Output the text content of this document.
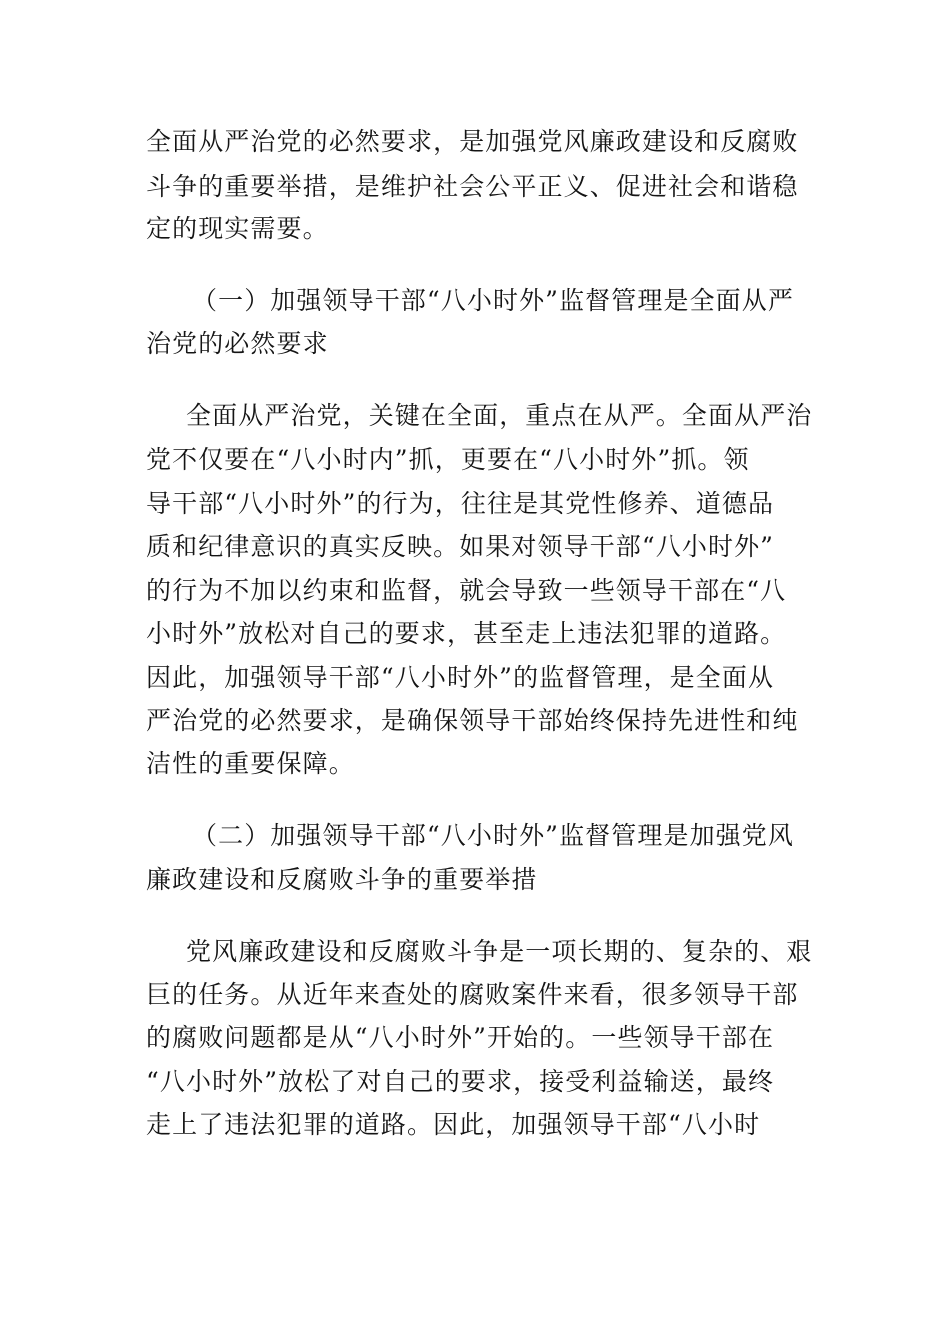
全面从严治党的必然要求，是加强党风廉政建设和反腐败
斗争的重要举措，是维护社会公平正义、促进社会和谐稳
定的现实需要。
（一）加强领导干部“八小时外”监督管理是全面从严
治党的必然要求
全面从严治党，关键在全面，重点在从严。全面从严治
党不仅要在“八小时内”抓，更要在“八小时外”抓。领
导干部“八小时外”的行为，往往是其党性修养、道德品
质和纪律意识的真实反映。如果对领导干部“八小时外”
的行为不加以约束和监督，就会导致一些领导干部在“八
小时外”放松对自己的要求，甚至走上违法犯罪的道路。
因此，加强领导干部“八小时外”的监督管理，是全面从
严治党的必然要求，是确保领导干部始终保持先进性和纯
洁性的重要保障。
（二）加强领导干部“八小时外”监督管理是加强党风
廉政建设和反腐败斗争的重要举措
党风廉政建设和反腐败斗争是一项长期的、复杂的、艰
巨的任务。从近年来查处的腐败案件来看，很多领导干部
的腐败问题都是从“八小时外”开始的。一些领导干部在
“八小时外”放松了对自己的要求，接受利益输送，最终
走上了违法犯罪的道路。因此，加强领导干部“八小时
